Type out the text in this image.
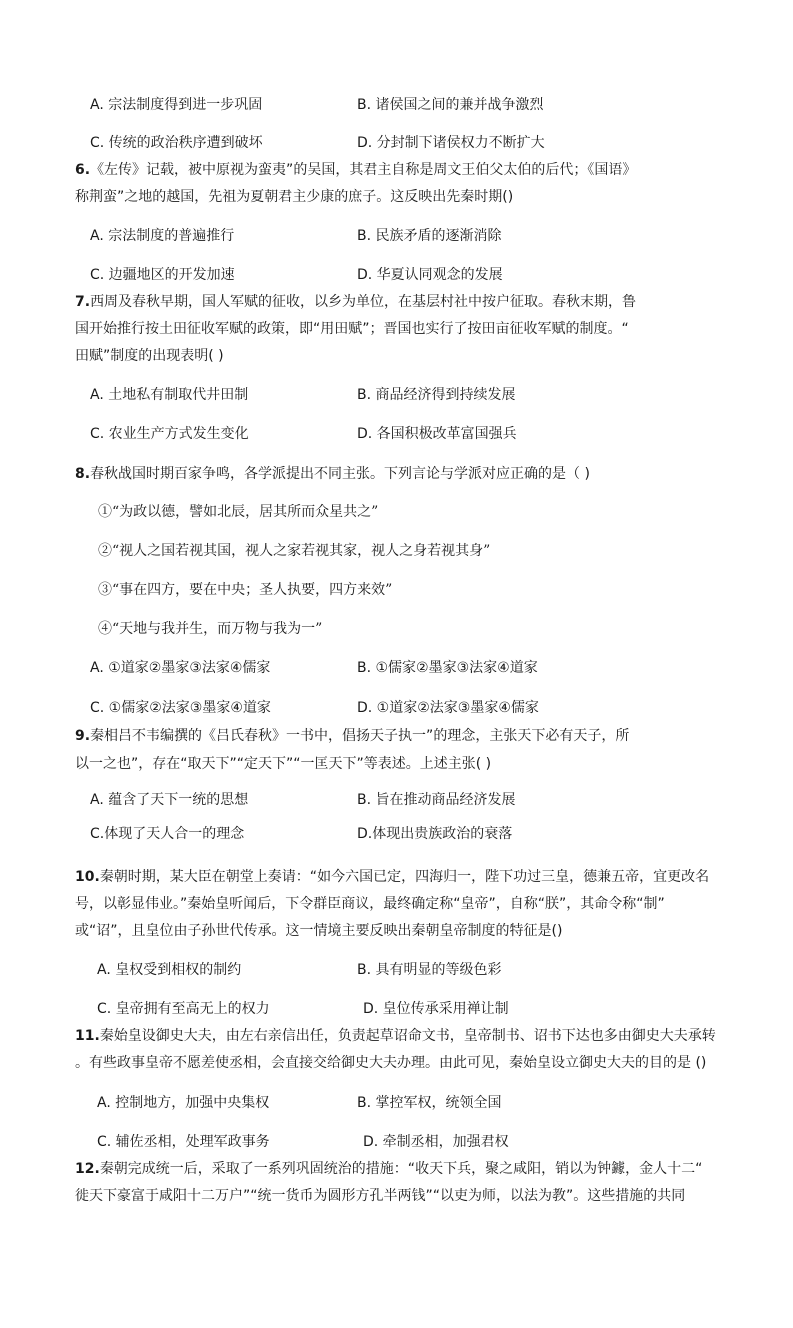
A. 宗法制度得到进一步巩固	B. 诸侯国之间的兼并战争激烈
C. 传统的政治秩序遭到破坏	D. 分封制下诸侯权力不断扩大
6.《左传》记载，被中原视为蛮夷”的吴国，其君主自称是周文王伯父太伯的后代；《国语》
称荆蛮”之地的越国，先祖为夏朝君主少康的庶子。这反映出先秦时期()
A. 宗法制度的普遍推行	B. 民族矛盾的逐渐消除
C. 边疆地区的开发加速	D. 华夏认同观念的发展
7.西周及春秋早期，国人军赋的征收，以乡为单位，在基层村社中按户征取。春秋末期，鲁
国开始推行按土田征收军赋的政策，即“用田赋”；晋国也实行了按田亩征收军赋的制度。“
田赋”制度的出现表明( )
A. 土地私有制取代井田制	B. 商品经济得到持续发展
C. 农业生产方式发生变化	D. 各国积极改革富国强兵
8.春秋战国时期百家争鸣，各学派提出不同主张。下列言论与学派对应正确的是（ )
①“为政以德，譬如北辰，居其所而众星共之”
②“视人之国若视其国，视人之家若视其家，视人之身若视其身”
③“事在四方，要在中央；圣人执要，四方来效”
④“天地与我并生，而万物与我为一”
A. ①道家②墨家③法家④儒家	B. ①儒家②墨家③法家④道家
C. ①儒家②法家③墨家④道家	D. ①道家②法家③墨家④儒家
9.秦相吕不韦编撰的《吕氏春秋》一书中，倡扬天子执一”的理念，主张天下必有天子，所
以一之也”，存在“取天下”“定天下”“一匡天下”等表述。上述主张( )
A. 蕴含了天下一统的思想	B. 旨在推动商品经济发展
C.体现了天人合一的理念	D.体现出贵族政治的衰落
10.秦朝时期，某大臣在朝堂上奏请：“如今六国已定，四海归一，陛下功过三皇，德兼五帝，宜更改名
号，以彰显伟业。”秦始皇听闻后，下令群臣商议，最终确定称“皇帝”，自称“朕”，其命令称“制”
或“诏”，且皇位由子孙世代传承。这一情境主要反映出秦朝皇帝制度的特征是()
A. 皇权受到相权的制约	B. 具有明显的等级色彩
C. 皇帝拥有至高无上的权力	D. 皇位传承采用禅让制
11.秦始皇设御史大夫，由左右亲信出任，负责起草诏命文书，皇帝制书、诏书下达也多由御史大夫承转
。有些政事皇帝不愿差使丞相，会直接交给御史大夫办理。由此可见，秦始皇设立御史大夫的目的是 ()
A. 控制地方，加强中央集权	B. 掌控军权，统领全国
C. 辅佐丞相，处理军政事务	D. 牵制丞相，加强君权
12.秦朝完成统一后，采取了一系列巩固统治的措施：“收天下兵，聚之咸阳，销以为钟鐻，金人十二“
徙天下豪富于咸阳十二万户”“统一货币为圆形方孔半两钱”“以吏为师，以法为教”。这些措施的共同
